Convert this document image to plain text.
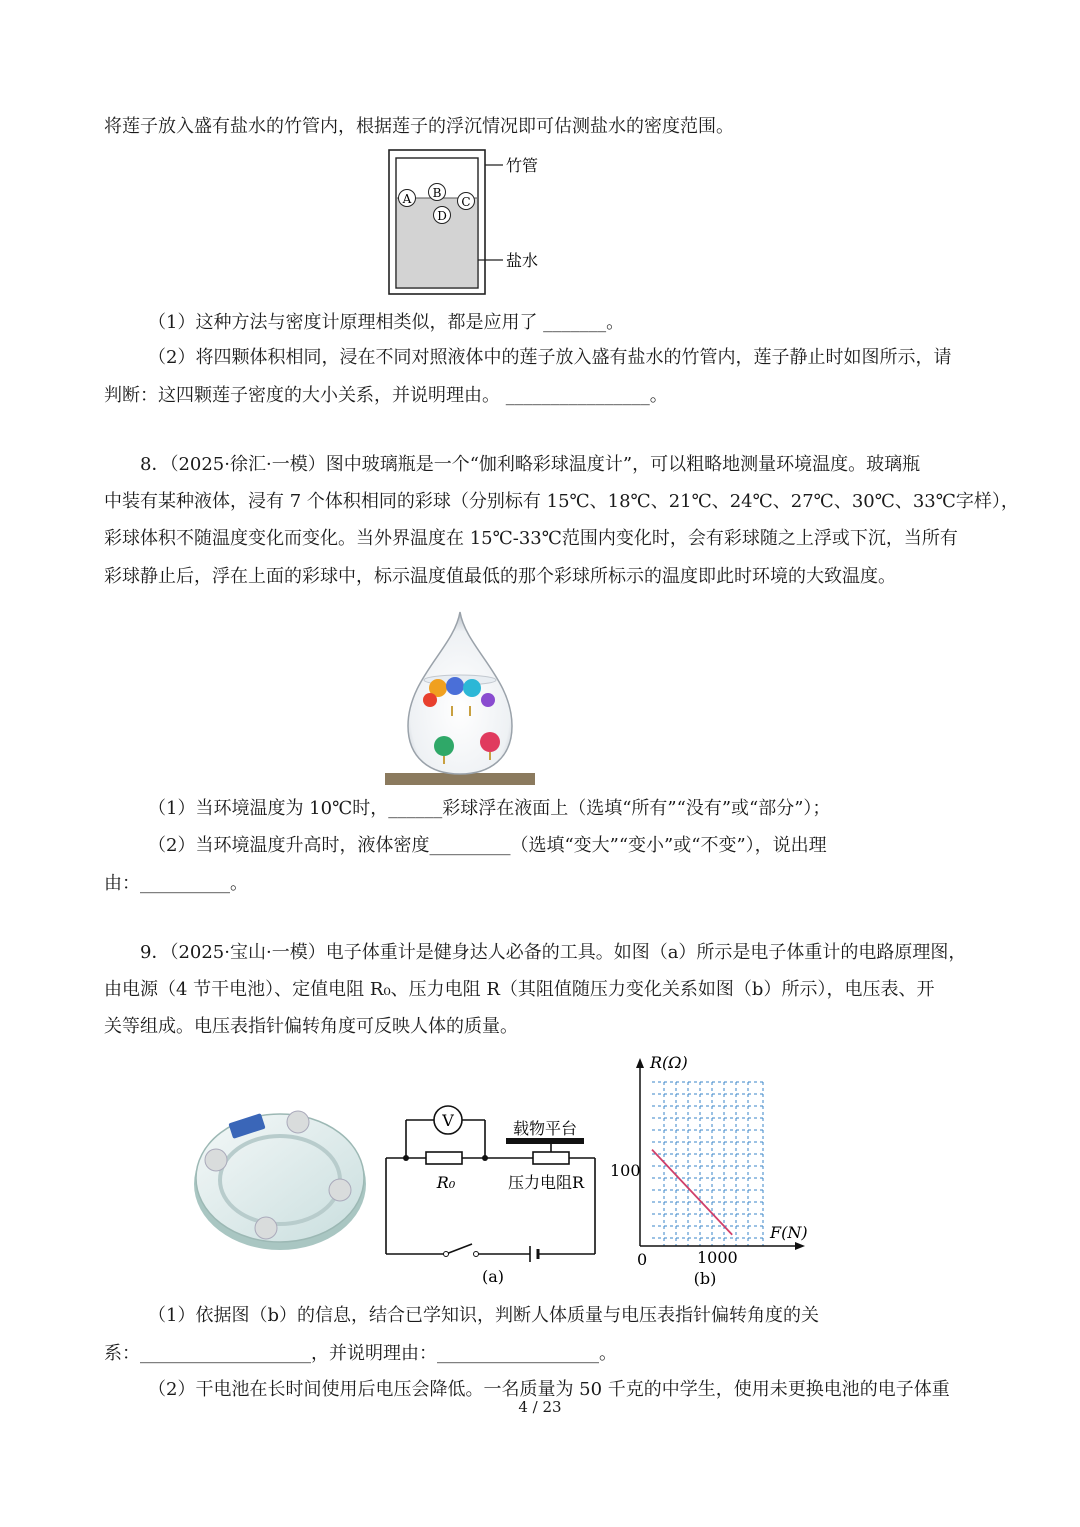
将莲子放入盛有盐水的竹管内，根据莲子的浮沉情况即可估测盐水的密度范围。
A B
C
D
竹管
盐水
（1）这种方法与密度计原理相类似，都是应用了 _______。
（2）将四颗体积相同，浸在不同对照液体中的莲子放入盛有盐水的竹管内，莲子静止时如图所示，请
判断：这四颗莲子密度的大小关系，并说明理由。 ________________。
8．（2025·徐汇·一模）图中玻璃瓶是一个“伽利略彩球温度计”，可以粗略地测量环境温度。玻璃瓶
中装有某种液体，浸有 7 个体积相同的彩球（分别标有 15℃、18℃、21℃、24℃、27℃、30℃、33℃字样），
彩球体积不随温度变化而变化。当外界温度在 15℃-33℃范围内变化时，会有彩球随之上浮或下沉，当所有
彩球静止后，浮在上面的彩球中，标示温度值最低的那个彩球所标示的温度即此时环境的大致温度。
（1）当环境温度为 10℃时，______彩球浮在液面上（选填“所有”“没有”或“部分”）；
（2）当环境温度升高时，液体密度_________（选填“变大”“变小”或“不变”），说出理
由：__________。
9．（2025·宝山·一模）电子体重计是健身达人必备的工具。如图（a）所示是电子体重计的电路原理图，
由电源（4 节干电池）、定值电阻 R₀、压力电阻 R（其阻值随压力变化关系如图（b）所示），电压表、开
关等组成。电压表指针偏转角度可反映人体的质量。
V	载物平台
R₀	压力电阻R
(a)
R(Ω)
F(N)
100
1000
0
(b)
（1）依据图（b）的信息，结合已学知识，判断人体质量与电压表指针偏转角度的关
系：___________________，并说明理由：__________________。
（2）干电池在长时间使用后电压会降低。一名质量为 50 千克的中学生，使用未更换电池的电子体重
4 / 23
